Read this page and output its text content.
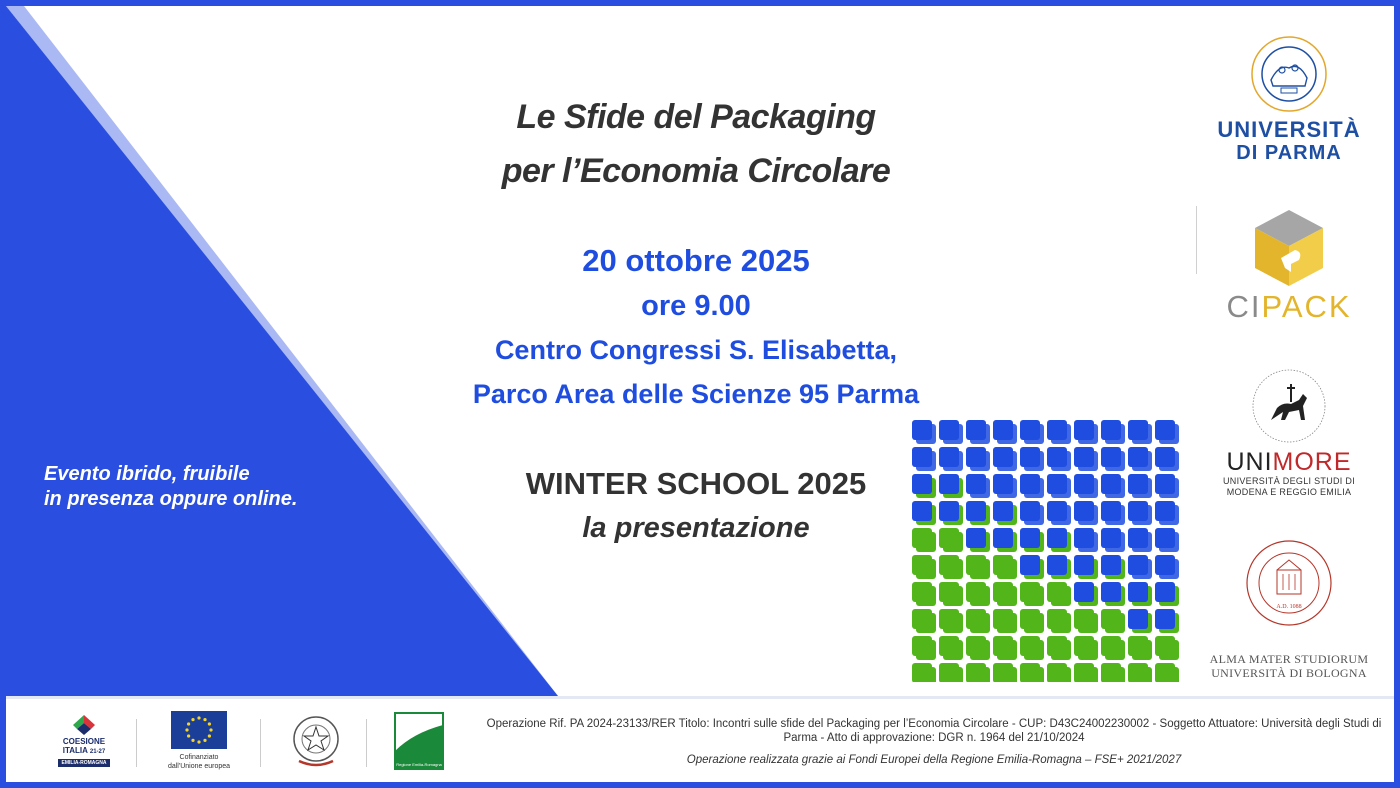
Le Sfide del Packaging
per l’Economia Circolare
20 ottobre 2025
ore 9.00
Centro Congressi S. Elisabetta,
Parco Area delle Scienze 95 Parma
WINTER SCHOOL 2025
la presentazione
Evento ibrido, fruibile
in presenza oppure online.
UNIVERSITÀ
DI PARMA
CIPACK
UNIMORE
UNIVERSITÀ DEGLI STUDI DI
MODENA E REGGIO EMILIA
A.D. 1088
ALMA MATER STUDIORUM
UNIVERSITÀ DI BOLOGNA
COESIONE
ITALIA 21-27
EMILIA-ROMAGNA
Cofinanziato
dall'Unione europea	Regione Emilia-Romagna
Operazione Rif. PA 2024-23133/RER Titolo: Incontri sulle sfide del Packaging per l’Economia Circolare - CUP: D43C24002230002 - Soggetto Attuatore: Università degli Studi di Parma - Atto di approvazione: DGR n. 1964 del 21/10/2024
Operazione realizzata grazie ai Fondi Europei della Regione Emilia-Romagna – FSE+ 2021/2027
